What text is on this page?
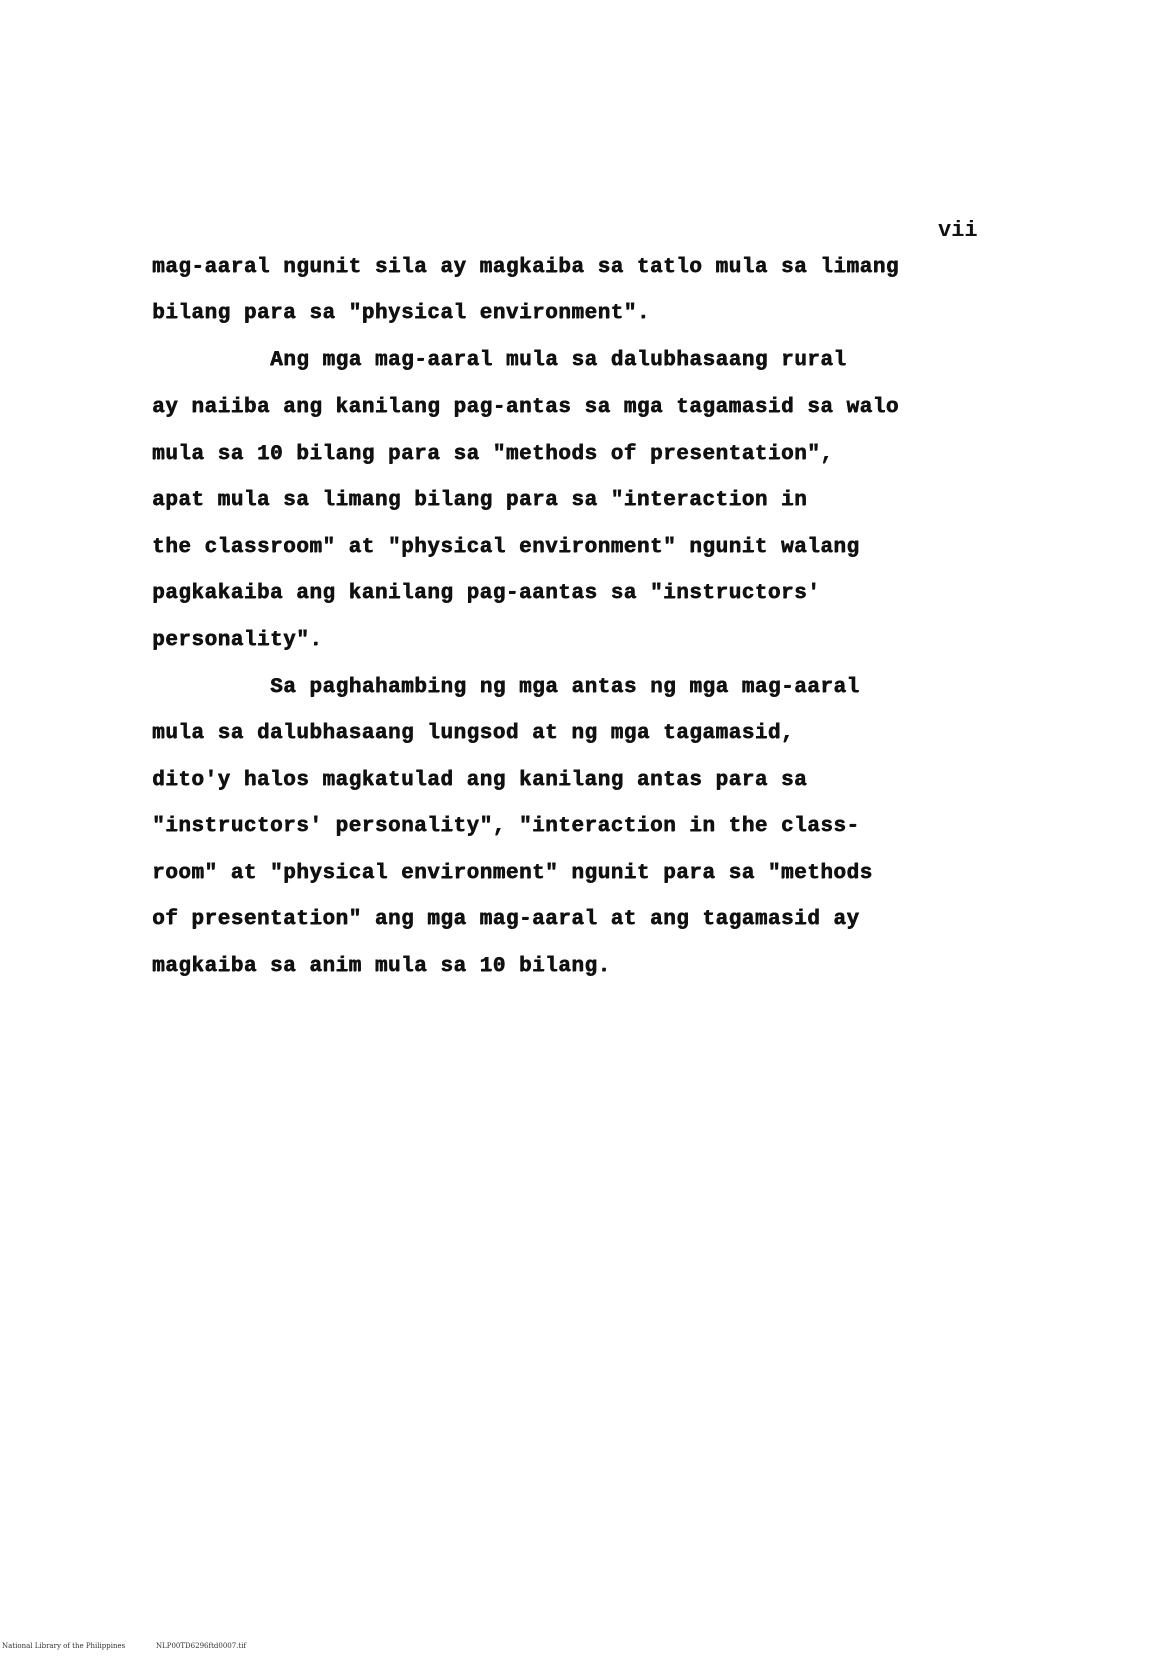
vii
mag-aaral ngunit sila ay magkaiba sa tatlo mula sa limang
bilang para sa "physical environment".
Ang mga mag-aaral mula sa dalubhasaang rural
ay naiiba ang kanilang pag-antas sa mga tagamasid sa walo
mula sa 10 bilang para sa "methods of presentation",
apat mula sa limang bilang para sa "interaction in
the classroom" at "physical environment" ngunit walang
pagkakaiba ang kanilang pag-aantas sa "instructors'
personality".
Sa paghahambing ng mga antas ng mga mag-aaral
mula sa dalubhasaang lungsod at ng mga tagamasid,
dito'y halos magkatulad ang kanilang antas para sa
"instructors' personality", "interaction in the class-
room" at "physical environment" ngunit para sa "methods
of presentation" ang mga mag-aaral at ang tagamasid ay
magkaiba sa anim mula sa 10 bilang.
National Library of the Philippines	NLP00TD6296ftd0007.tif
